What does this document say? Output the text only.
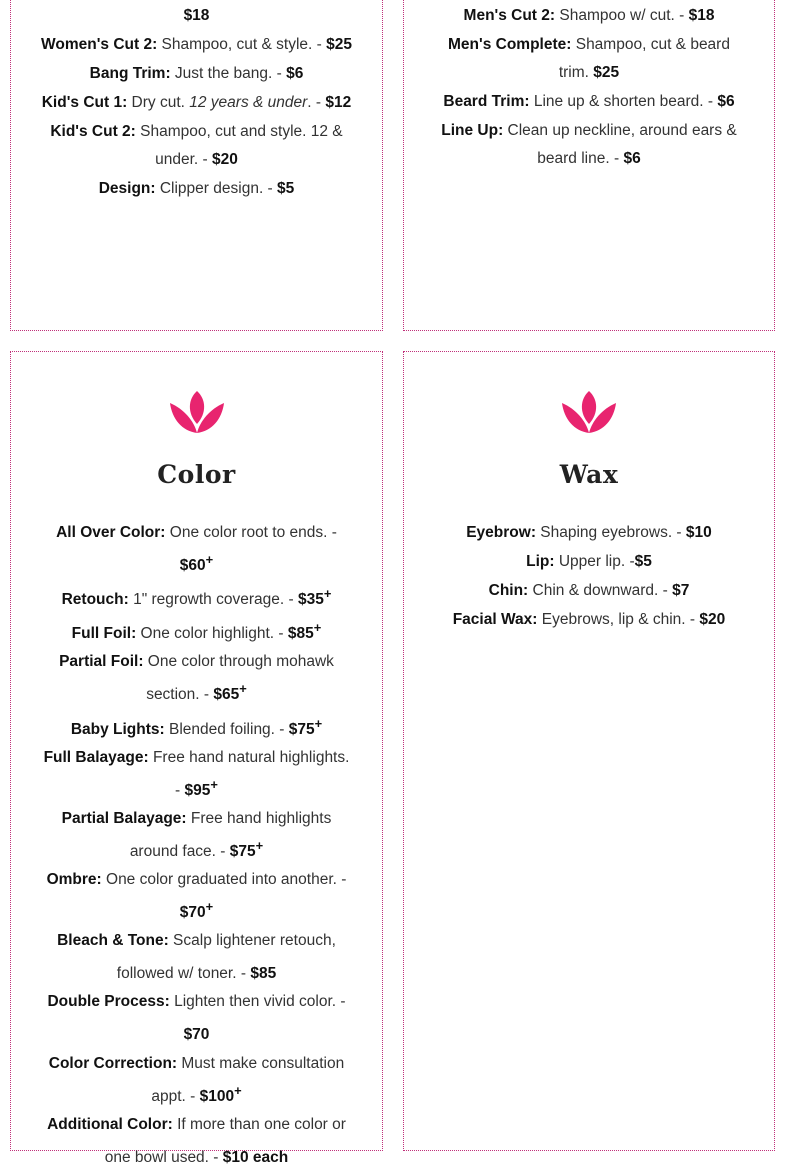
$18
Women's Cut 2: Shampoo, cut & style. - $25
Bang Trim: Just the bang. - $6
Kid's Cut 1: Dry cut. 12 years & under. - $12
Kid's Cut 2: Shampoo, cut and style. 12 & under. - $20
Design: Clipper design. - $5
Men's Cut 2: Shampoo w/ cut. - $18
Men's Complete: Shampoo, cut & beard trim. $25
Beard Trim: Line up & shorten beard. - $6
Line Up: Clean up neckline, around ears & beard line. - $6
Color
All Over Color: One color root to ends. - $60+
Retouch: 1" regrowth coverage. - $35+
Full Foil: One color highlight. - $85+
Partial Foil: One color through mohawk section. - $65+
Baby Lights: Blended foiling. - $75+
Full Balayage: Free hand natural highlights. - $95+
Partial Balayage: Free hand highlights around face. - $75+
Ombre: One color graduated into another. - $70+
Bleach & Tone: Scalp lightener retouch, followed w/ toner. - $85
Double Process: Lighten then vivid color. - $70
Color Correction: Must make consultation appt. - $100+
Additional Color: If more than one color or one bowl used. - $10 each
Wax
Eyebrow: Shaping eyebrows. - $10
Lip: Upper lip. -$5
Chin: Chin & downward. - $7
Facial Wax: Eyebrows, lip & chin. - $20
